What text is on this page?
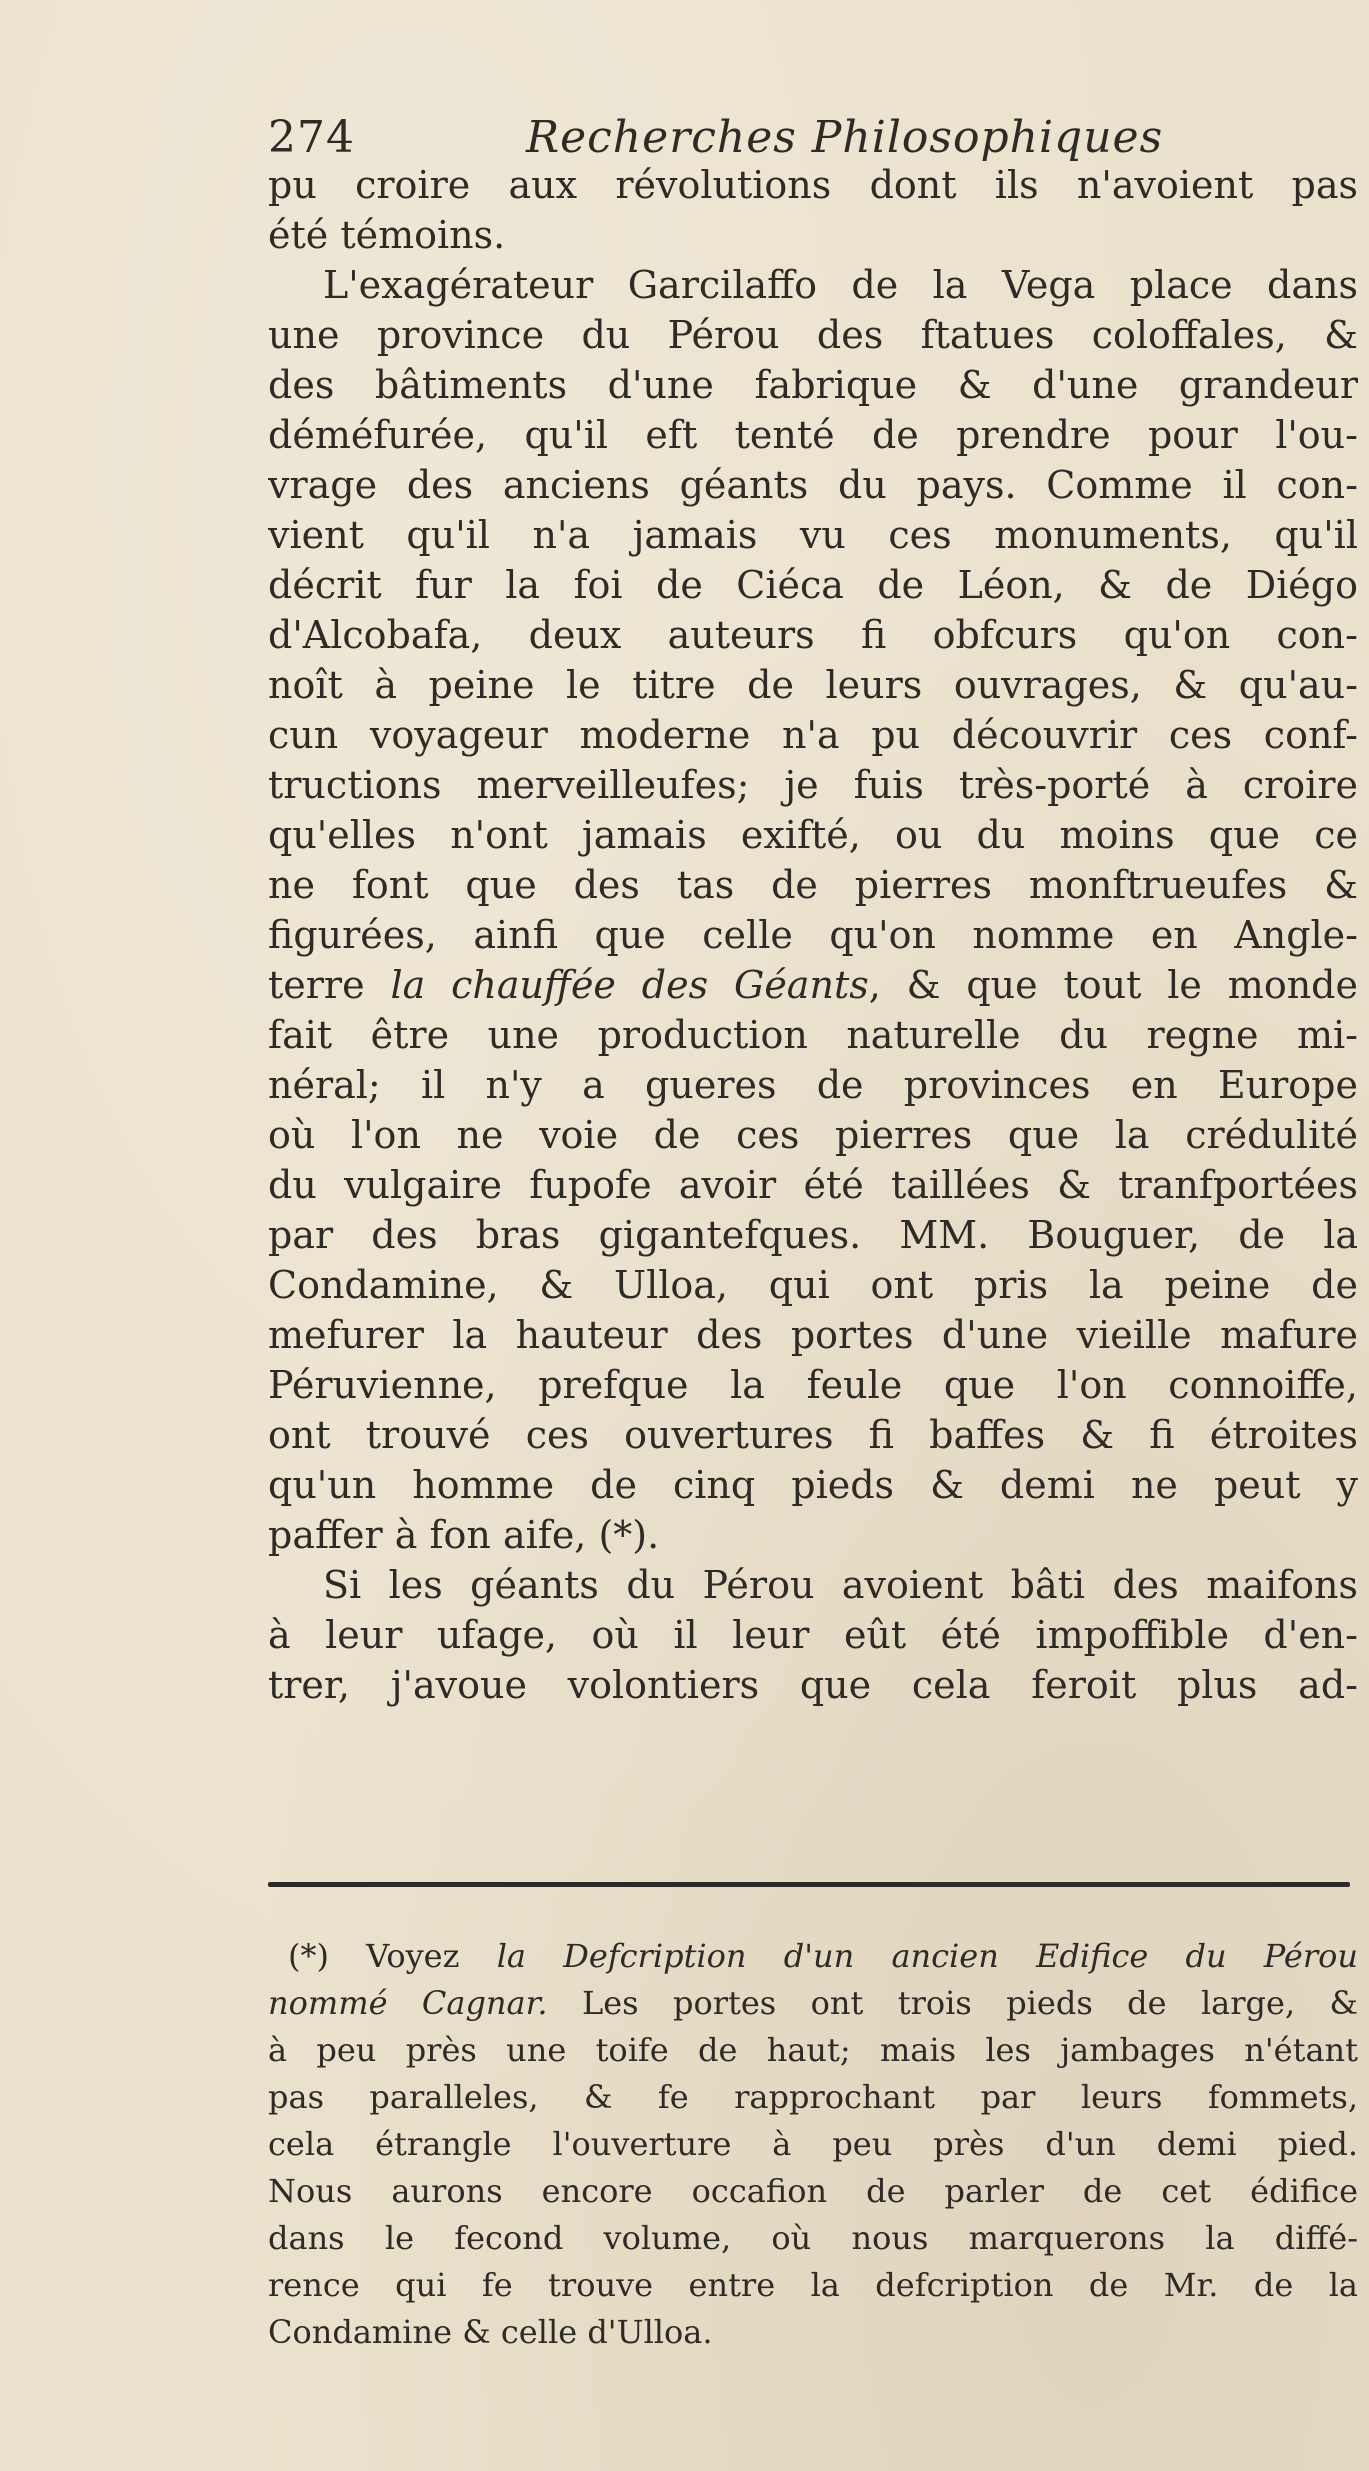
274	Recherches Philosophiques
pu croire aux révolutions dont ils n'avoient pas
été témoins.
L'exagérateur Garcilaffo de la Vega place dans
une province du Pérou des ftatues coloffales, &
des bâtiments d'une fabrique & d'une grandeur
déméfurée, qu'il eft tenté de prendre pour l'ou-
vrage des anciens géants du pays. Comme il con-
vient qu'il n'a jamais vu ces monuments, qu'il
décrit fur la foi de Ciéca de Léon, & de Diégo
d'Alcobafa, deux auteurs fi obfcurs qu'on con-
noît à peine le titre de leurs ouvrages, & qu'au-
cun voyageur moderne n'a pu découvrir ces conf-
tructions merveilleufes; je fuis très-porté à croire
qu'elles n'ont jamais exifté, ou du moins que ce
ne font que des tas de pierres monftrueufes &
figurées, ainfi que celle qu'on nomme en Angle-
terre la chauffée des Géants, & que tout le monde
fait être une production naturelle du regne mi-
néral; il n'y a gueres de provinces en Europe
où l'on ne voie de ces pierres que la crédulité
du vulgaire fupofe avoir été taillées & tranfportées
par des bras gigantefques. MM. Bouguer, de la
Condamine, & Ulloa, qui ont pris la peine de
mefurer la hauteur des portes d'une vieille mafure
Péruvienne, prefque la feule que l'on connoiffe,
ont trouvé ces ouvertures fi baffes & fi étroites
qu'un homme de cinq pieds & demi ne peut y
paffer à fon aife, (*).
Si les géants du Pérou avoient bâti des maifons
à leur ufage, où il leur eût été impoffible d'en-
trer, j'avoue volontiers que cela feroit plus ad-
(*) Voyez la Defcription d'un ancien Edifice du Pérou
nommé Cagnar. Les portes ont trois pieds de large, &
à peu près une toife de haut; mais les jambages n'étant
pas paralleles, & fe rapprochant par leurs fommets,
cela étrangle l'ouverture à peu près d'un demi pied.
Nous aurons encore occafion de parler de cet édifice
dans le fecond volume, où nous marquerons la diffé-
rence qui fe trouve entre la defcription de Mr. de la
Condamine & celle d'Ulloa.
